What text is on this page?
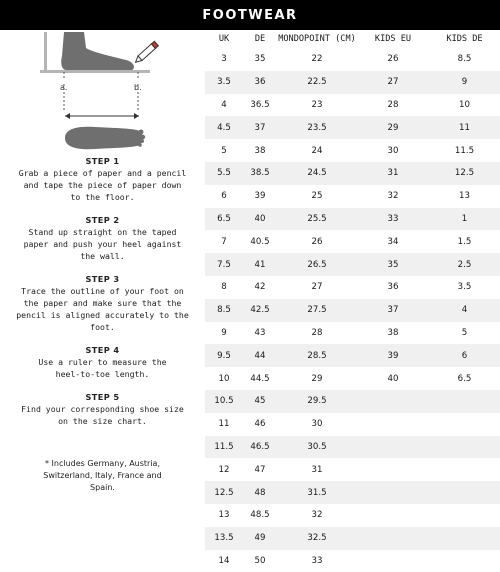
FOOTWEAR
a.	b.
STEP 1
Grab a piece of paper and a pencil
and tape the piece of paper down
to the floor.
STEP 2
Stand up straight on the taped
paper and push your heel against
the wall.
STEP 3
Trace the outline of your foot on
the paper and make sure that the
pencil is aligned accurately to the
foot.
STEP 4
Use a ruler to measure the
heel-to-toe length.
STEP 5
Find your corresponding shoe size
on the size chart.
* Includes Germany, Austria,
Switzerland, Italy, France and
Spain.
UK	DE	MONDOPOINT (CM)	KIDS EU	KIDS DE
3	35	22	26	8.5
3.5	36	22.5	27	9
4	36.5	23	28	10
4.5	37	23.5	29	11
5	38	24	30	11.5
5.5	38.5	24.5	31	12.5
6	39	25	32	13
6.5	40	25.5	33	1
7	40.5	26	34	1.5
7.5	41	26.5	35	2.5
8	42	27	36	3.5
8.5	42.5	27.5	37	4
9	43	28	38	5
9.5	44	28.5	39	6
10	44.5	29	40	6.5
10.5	45	29.5		
11	46	30		
11.5	46.5	30.5		
12	47	31		
12.5	48	31.5		
13	48.5	32		
13.5	49	32.5		
14	50	33		
